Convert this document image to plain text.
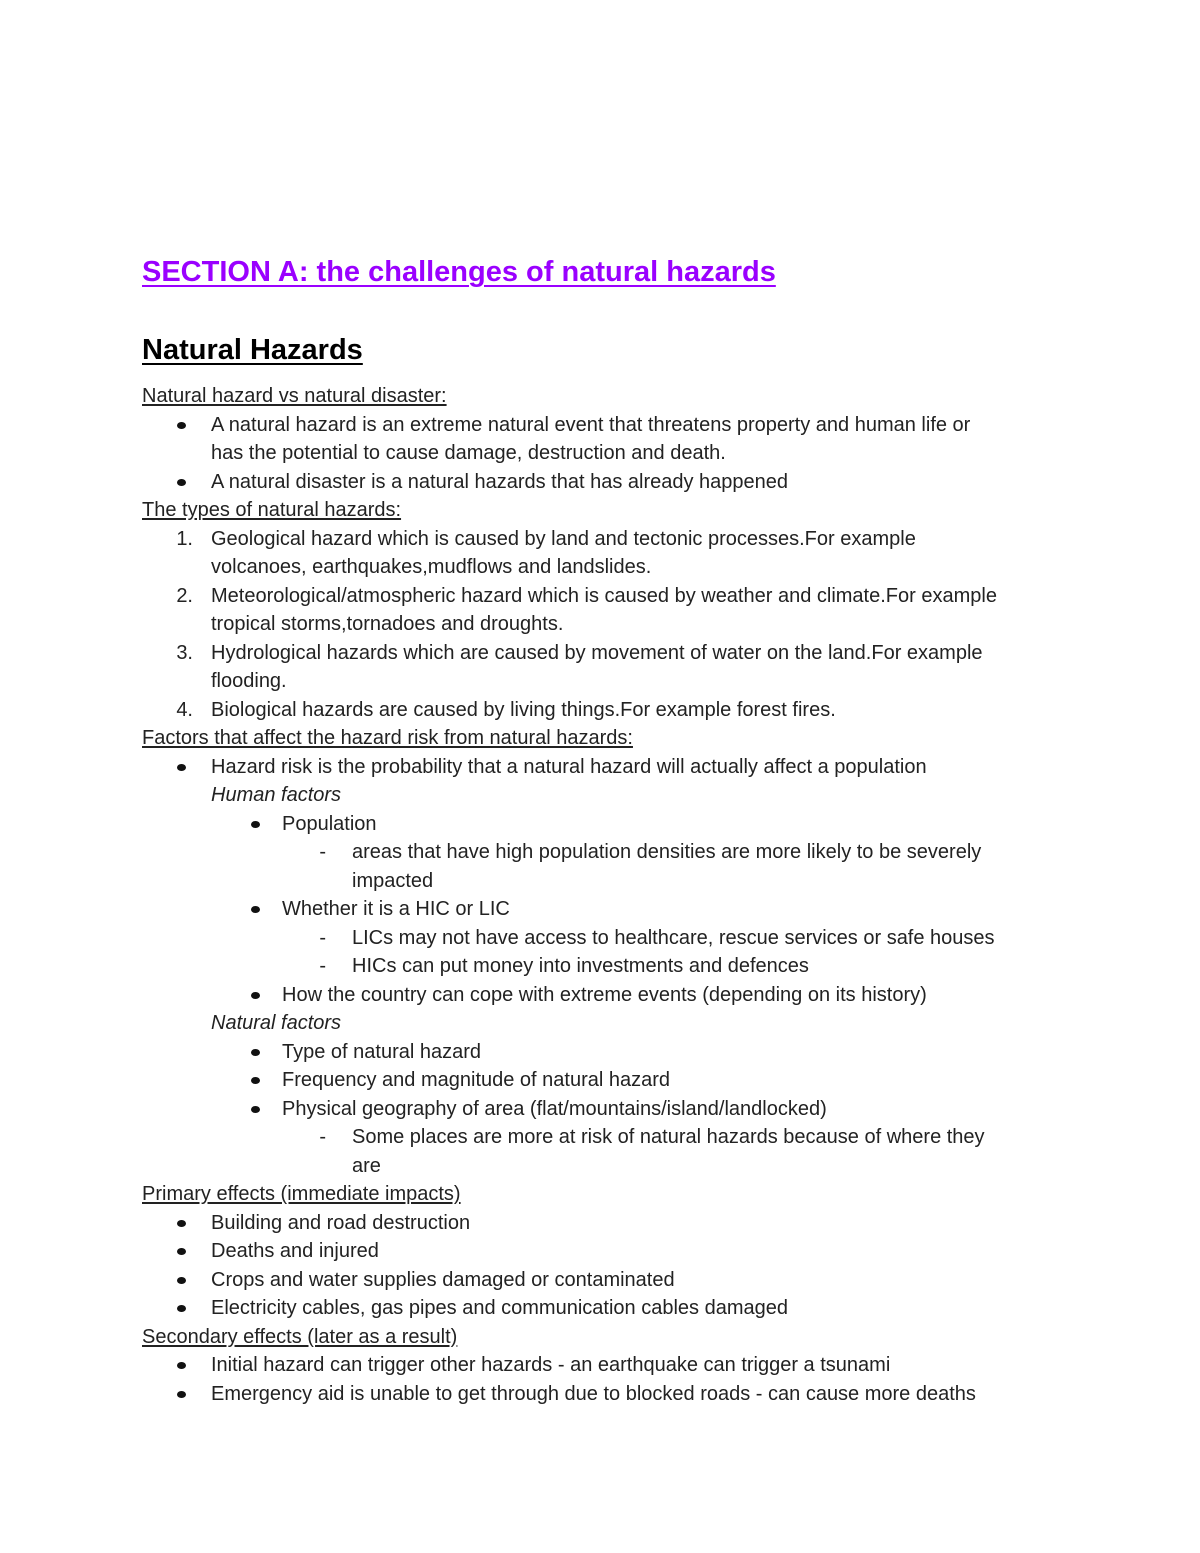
SECTION A: the challenges of natural hazards
Natural Hazards
Natural hazard vs natural disaster:
A natural hazard is an extreme natural event that threatens property and human life or
has the potential to cause damage, destruction and death.
A natural disaster is a natural hazards that has already happened
The types of natural hazards:
1. Geological hazard which is caused by land and tectonic processes.For example
volcanoes, earthquakes,mudflows and landslides.
2. Meteorological/atmospheric hazard which is caused by weather and climate.For example
tropical storms,tornadoes and droughts.
3. Hydrological hazards which are caused by movement of water on the land.For example
flooding.
4. Biological hazards are caused by living things.For example forest fires.
Factors that affect the hazard risk from natural hazards:
Hazard risk is the probability that a natural hazard will actually affect a population
Human factors
Population
- areas that have high population densities are more likely to be severely
impacted
Whether it is a HIC or LIC
- LICs may not have access to healthcare, rescue services or safe houses
- HICs can put money into investments and defences
How the country can cope with extreme events (depending on its history)
Natural factors
Type of natural hazard
Frequency and magnitude of natural hazard
Physical geography of area (flat/mountains/island/landlocked)
- Some places are more at risk of natural hazards because of where they
are
Primary effects (immediate impacts)
Building and road destruction
Deaths and injured
Crops and water supplies damaged or contaminated
Electricity cables, gas pipes and communication cables damaged
Secondary effects (later as a result)
Initial hazard can trigger other hazards - an earthquake can trigger a tsunami
Emergency aid is unable to get through due to blocked roads - can cause more deaths
